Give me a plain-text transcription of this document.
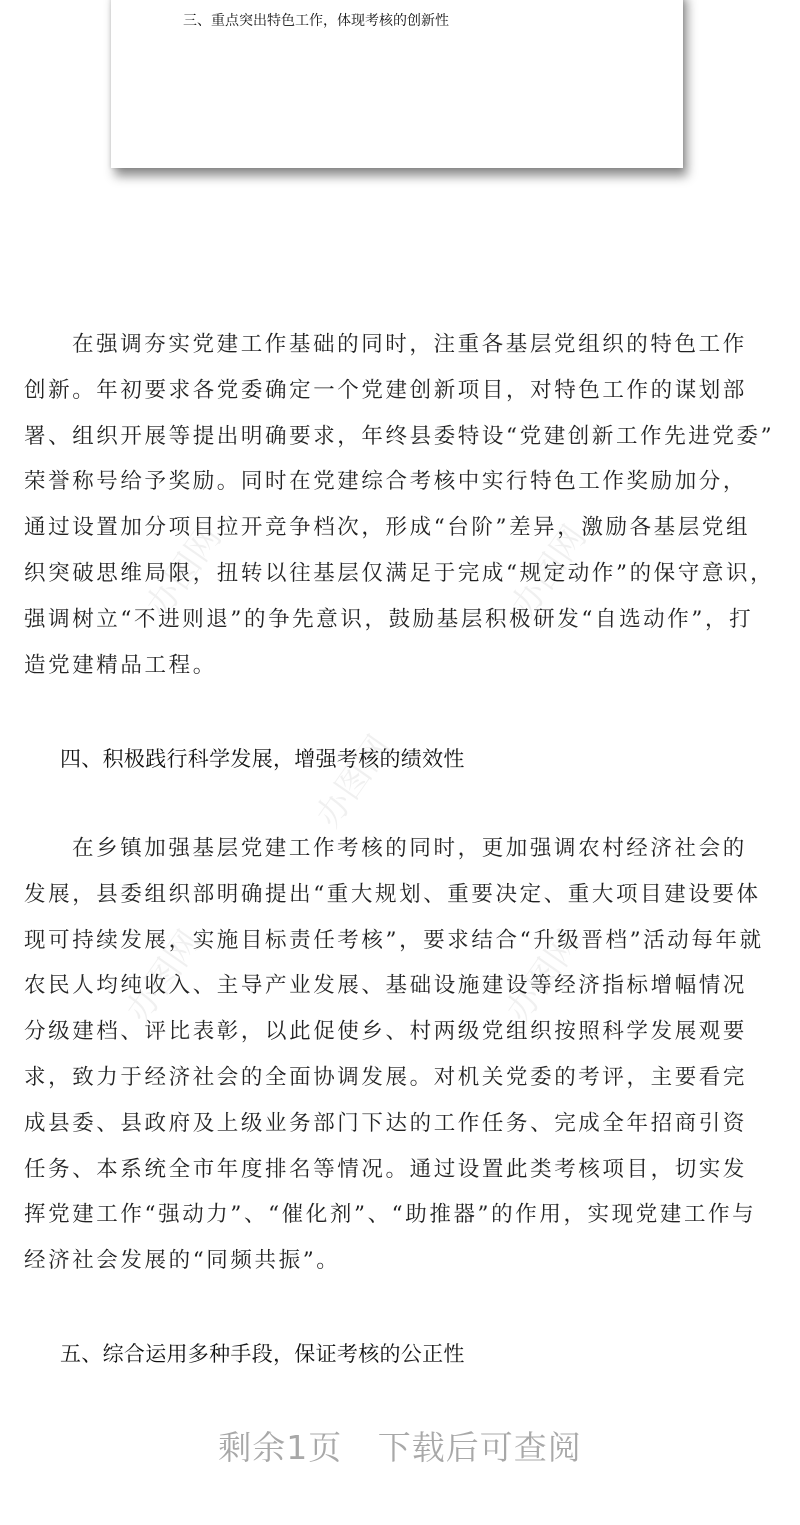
三、重点突出特色工作，体现考核的创新性
办图网	办图网
办图网
办图网	办图网
在强调夯实党建工作基础的同时，注重各基层党组织的特色工作
创新。年初要求各党委确定一个党建创新项目，对特色工作的谋划部
署、组织开展等提出明确要求，年终县委特设“党建创新工作先进党委”
荣誉称号给予奖励。同时在党建综合考核中实行特色工作奖励加分，
通过设置加分项目拉开竞争档次，形成“台阶”差异，激励各基层党组
织突破思维局限，扭转以往基层仅满足于完成“规定动作”的保守意识，
强调树立“不进则退”的争先意识，鼓励基层积极研发“自选动作”，打
造党建精品工程。
四、积极践行科学发展，增强考核的绩效性
在乡镇加强基层党建工作考核的同时，更加强调农村经济社会的
发展，县委组织部明确提出“重大规划、重要决定、重大项目建设要体
现可持续发展，实施目标责任考核”，要求结合“升级晋档”活动每年就
农民人均纯收入、主导产业发展、基础设施建设等经济指标增幅情况
分级建档、评比表彰，以此促使乡、村两级党组织按照科学发展观要
求，致力于经济社会的全面协调发展。对机关党委的考评，主要看完
成县委、县政府及上级业务部门下达的工作任务、完成全年招商引资
任务、本系统全市年度排名等情况。通过设置此类考核项目，切实发
挥党建工作“强动力”、“催化剂”、“助推器”的作用，实现党建工作与
经济社会发展的“同频共振”。
五、综合运用多种手段，保证考核的公正性
剩余1页 下载后可查阅
